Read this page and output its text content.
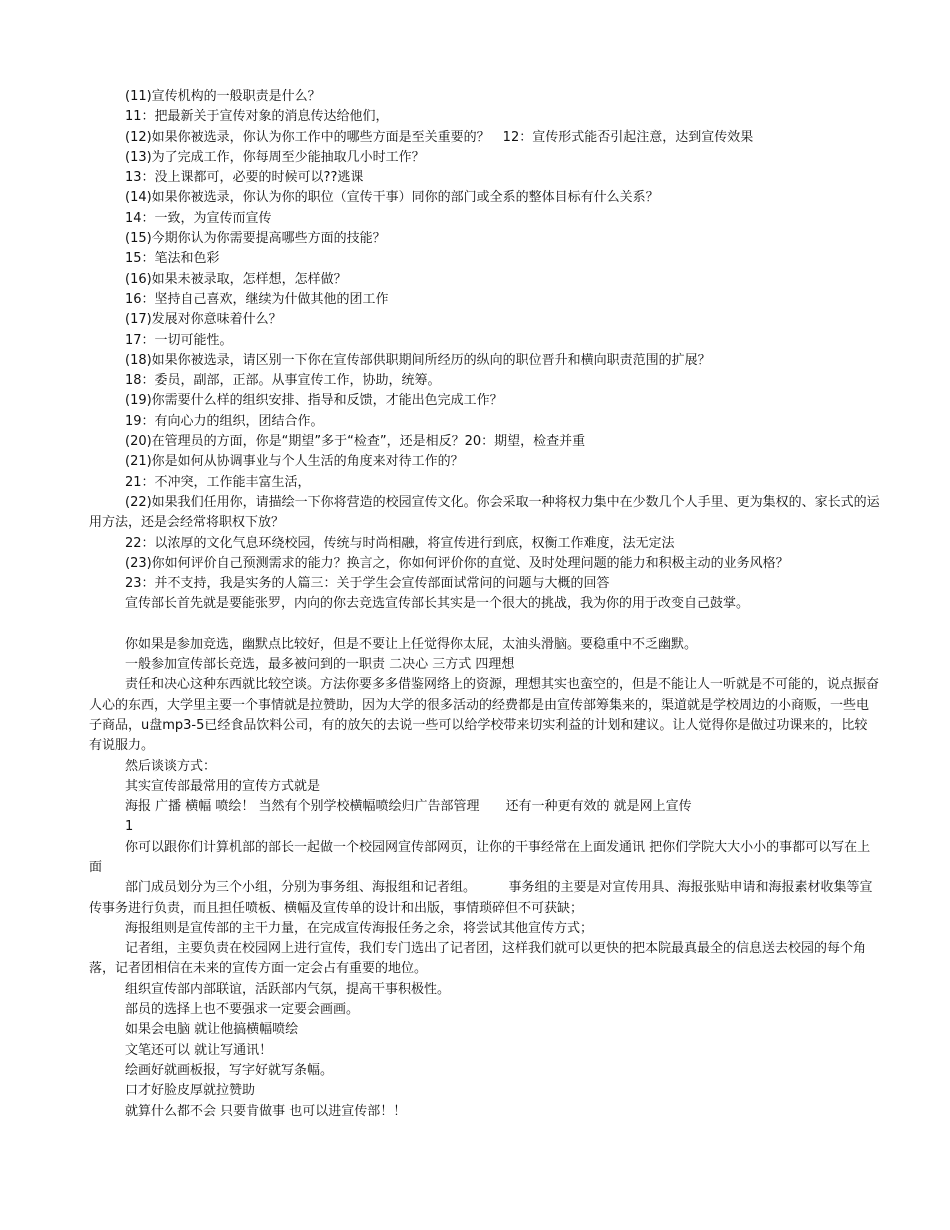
(11)宣传机构的一般职责是什么？

11：把最新关于宣传对象的消息传达给他们，

(12)如果你被选录，你认为你工作中的哪些方面是至关重要的？　12：宣传形式能否引起注意，达到宣传效果

(13)为了完成工作，你每周至少能抽取几小时工作？

13：没上课都可，必要的时候可以??逃课

(14)如果你被选录，你认为你的职位（宣传干事）同你的部门或全系的整体目标有什么关系？

14：一致，为宣传而宣传

(15)今期你认为你需要提高哪些方面的技能？

15：笔法和色彩

(16)如果未被录取，怎样想，怎样做？

16：坚持自己喜欢，继续为什做其他的团工作

(17)发展对你意味着什么？

17：一切可能性。

(18)如果你被选录，请区别一下你在宣传部供职期间所经历的纵向的职位晋升和横向职责范围的扩展？

18：委员，副部，正部。从事宣传工作，协助，统筹。

(19)你需要什么样的组织安排、指导和反馈，才能出色完成工作？

19：有向心力的组织，团结合作。

(20)在管理员的方面，你是“期望”多于“检查”，还是相反？20：期望，检查并重

(21)你是如何从协调事业与个人生活的角度来对待工作的？

21：不冲突，工作能丰富生活，

(22)如果我们任用你，请描绘一下你将营造的校园宣传文化。你会采取一种将权力集中在少数几个人手里、更为集权的、家长式的运用方法，还是会经常将职权下放？

22：以浓厚的文化气息环绕校园，传统与时尚相融，将宣传进行到底，权衡工作难度，法无定法

(23)你如何评价自己预测需求的能力？换言之，你如何评价你的直觉、及时处理问题的能力和积极主动的业务风格？

23：并不支持，我是实务的人篇三：关于学生会宣传部面试常问的问题与大概的回答

宣传部长首先就是要能张罗，内向的你去竞选宣传部长其实是一个很大的挑战，我为你的用于改变自己鼓掌。

你如果是参加竞选，幽默点比较好，但是不要让上任觉得你太屁，太油头滑脑。要稳重中不乏幽默。

一般参加宣传部长竞选，最多被问到的一职责 二决心 三方式 四理想

责任和决心这种东西就比较空谈。方法你要多多借鉴网络上的资源，理想其实也蛮空的，但是不能让人一听就是不可能的，说点振奋人心的东西，大学里主要一个事情就是拉赞助，因为大学的很多活动的经费都是由宣传部筹集来的，渠道就是学校周边的小商贩，一些电子商品，u盘mp3-5已经食品饮料公司，有的放矢的去说一些可以给学校带来切实利益的计划和建议。让人觉得你是做过功课来的，比较有说服力。

然后谈谈方式：

其实宣传部最常用的宣传方式就是

海报 广播 横幅 喷绘！ 当然有个别学校横幅喷绘归广告部管理　　还有一种更有效的 就是网上宣传

1

你可以跟你们计算机部的部长一起做一个校园网宣传部网页，让你的干事经常在上面发通讯 把你们学院大大小小的事都可以写在上面

部门成员划分为三个小组，分别为事务组、海报组和记者组。　　　事务组的主要是对宣传用具、海报张贴申请和海报素材收集等宣传事务进行负责，而且担任喷板、横幅及宣传单的设计和出版，事情琐碎但不可获缺；

海报组则是宣传部的主干力量，在完成宣传海报任务之余，将尝试其他宣传方式；

记者组，主要负责在校园网上进行宣传，我们专门选出了记者团，这样我们就可以更快的把本院最真最全的信息送去校园的每个角落，记者团相信在未来的宣传方面一定会占有重要的地位。

组织宣传部内部联谊，活跃部内气氛，提高干事积极性。

部员的选择上也不要强求一定要会画画。

如果会电脑 就让他搞横幅喷绘

文笔还可以 就让写通讯！

绘画好就画板报，写字好就写条幅。

口才好脸皮厚就拉赞助

就算什么都不会 只要肯做事 也可以进宣传部！！
